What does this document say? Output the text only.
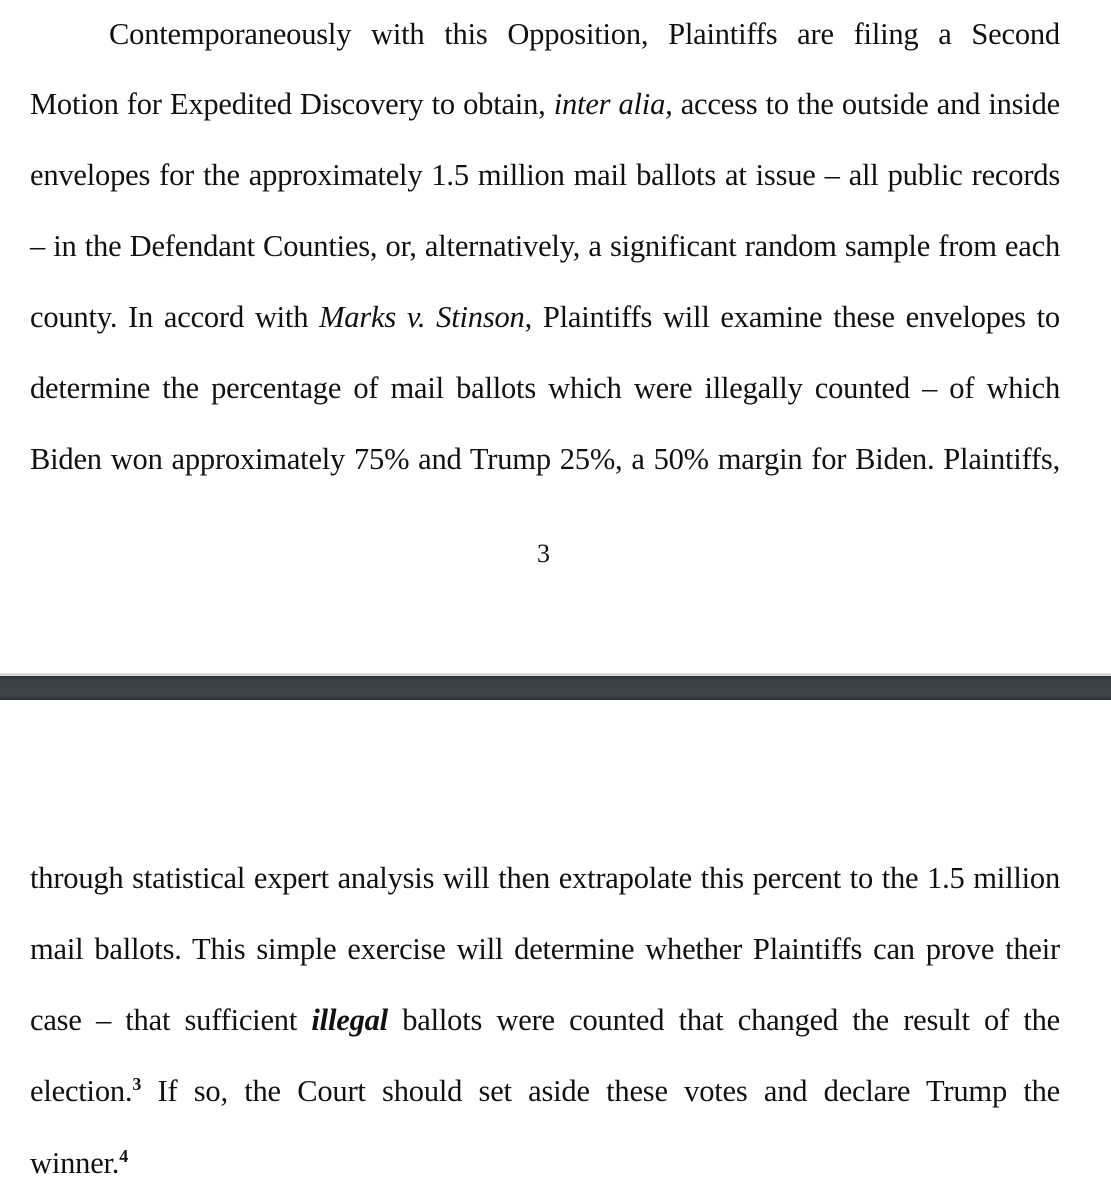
Contemporaneously with this Opposition, Plaintiffs are filing a Second
Motion for Expedited Discovery to obtain, inter alia, access to the outside and inside
envelopes for the approximately 1.5 million mail ballots at issue – all public records
– in the Defendant Counties, or, alternatively, a significant random sample from each
county. In accord with Marks v. Stinson, Plaintiffs will examine these envelopes to
determine the percentage of mail ballots which were illegally counted – of which
Biden won approximately 75% and Trump 25%, a 50% margin for Biden. Plaintiffs,
3
through statistical expert analysis will then extrapolate this percent to the 1.5 million
mail ballots. This simple exercise will determine whether Plaintiffs can prove their
case – that sufficient illegal ballots were counted that changed the result of the
election.$^3$ If so, the Court should set aside these votes and declare Trump the
winner.$^4$
